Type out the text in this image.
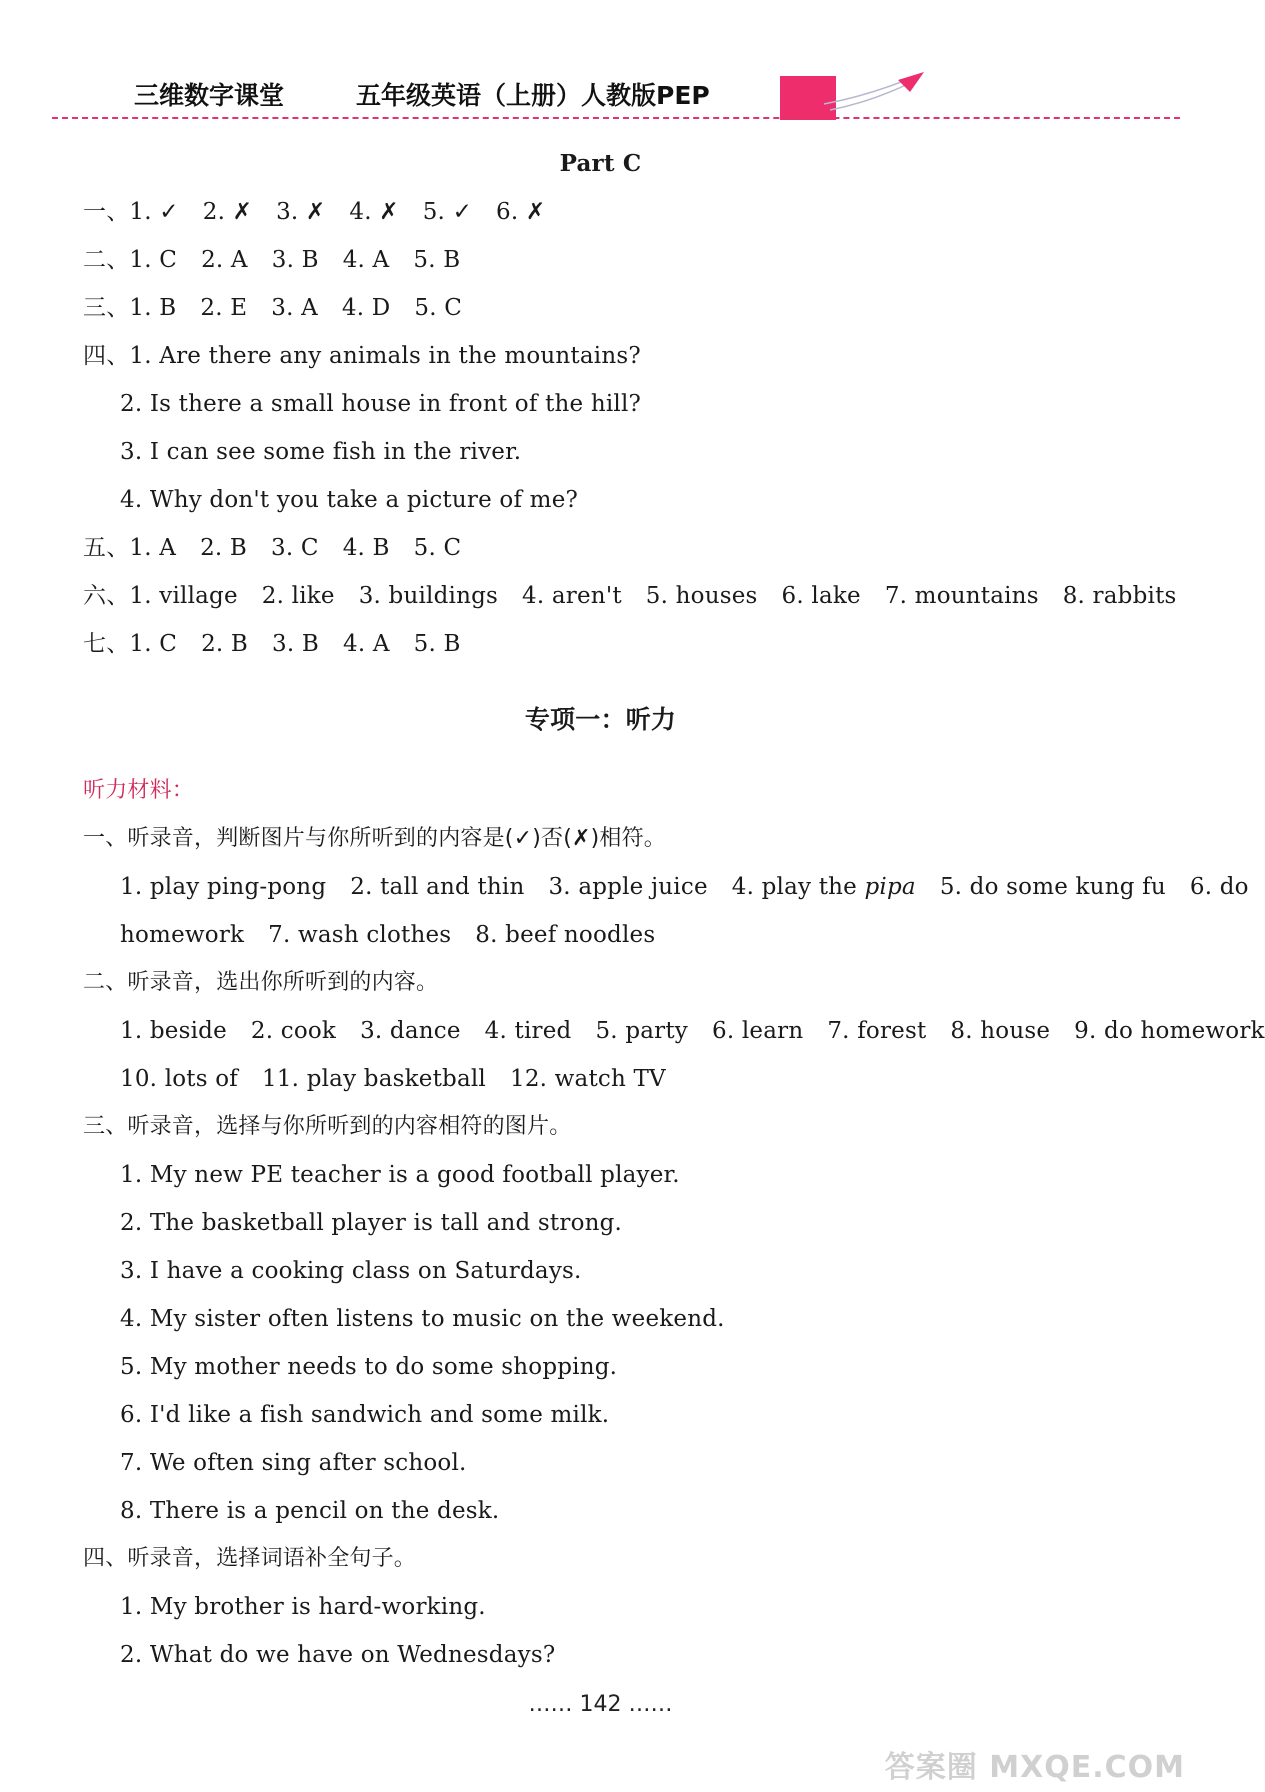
三维数字课堂	五年级英语（上册）人教版PEP
Part C
一、1. ✓ 2. ✗ 3. ✗ 4. ✗ 5. ✓ 6. ✗
二、1. C 2. A 3. B 4. A 5. B
三、1. B 2. E 3. A 4. D 5. C
四、1. Are there any animals in the mountains?
2. Is there a small house in front of the hill?
3. I can see some fish in the river.
4. Why don't you take a picture of me?
五、1. A 2. B 3. C 4. B 5. C
六、1. village 2. like 3. buildings 4. aren't 5. houses 6. lake 7. mountains 8. rabbits
七、1. C 2. B 3. B 4. A 5. B
专项一：听力
听力材料：
一、听录音，判断图片与你所听到的内容是(✓)否(✗)相符。
1. play ping-pong 2. tall and thin 3. apple juice 4. play the pipa 5. do some kung fu 6. do
homework 7. wash clothes 8. beef noodles
二、听录音，选出你所听到的内容。
1. beside 2. cook 3. dance 4. tired 5. party 6. learn 7. forest 8. house 9. do homework
10. lots of 11. play basketball 12. watch TV
三、听录音，选择与你所听到的内容相符的图片。
1. My new PE teacher is a good football player.
2. The basketball player is tall and strong.
3. I have a cooking class on Saturdays.
4. My sister often listens to music on the weekend.
5. My mother needs to do some shopping.
6. I'd like a fish sandwich and some milk.
7. We often sing after school.
8. There is a pencil on the desk.
四、听录音，选择词语补全句子。
1. My brother is hard-working.
2. What do we have on Wednesdays?
…… 142 ……
答案圈 MXQE.COM
